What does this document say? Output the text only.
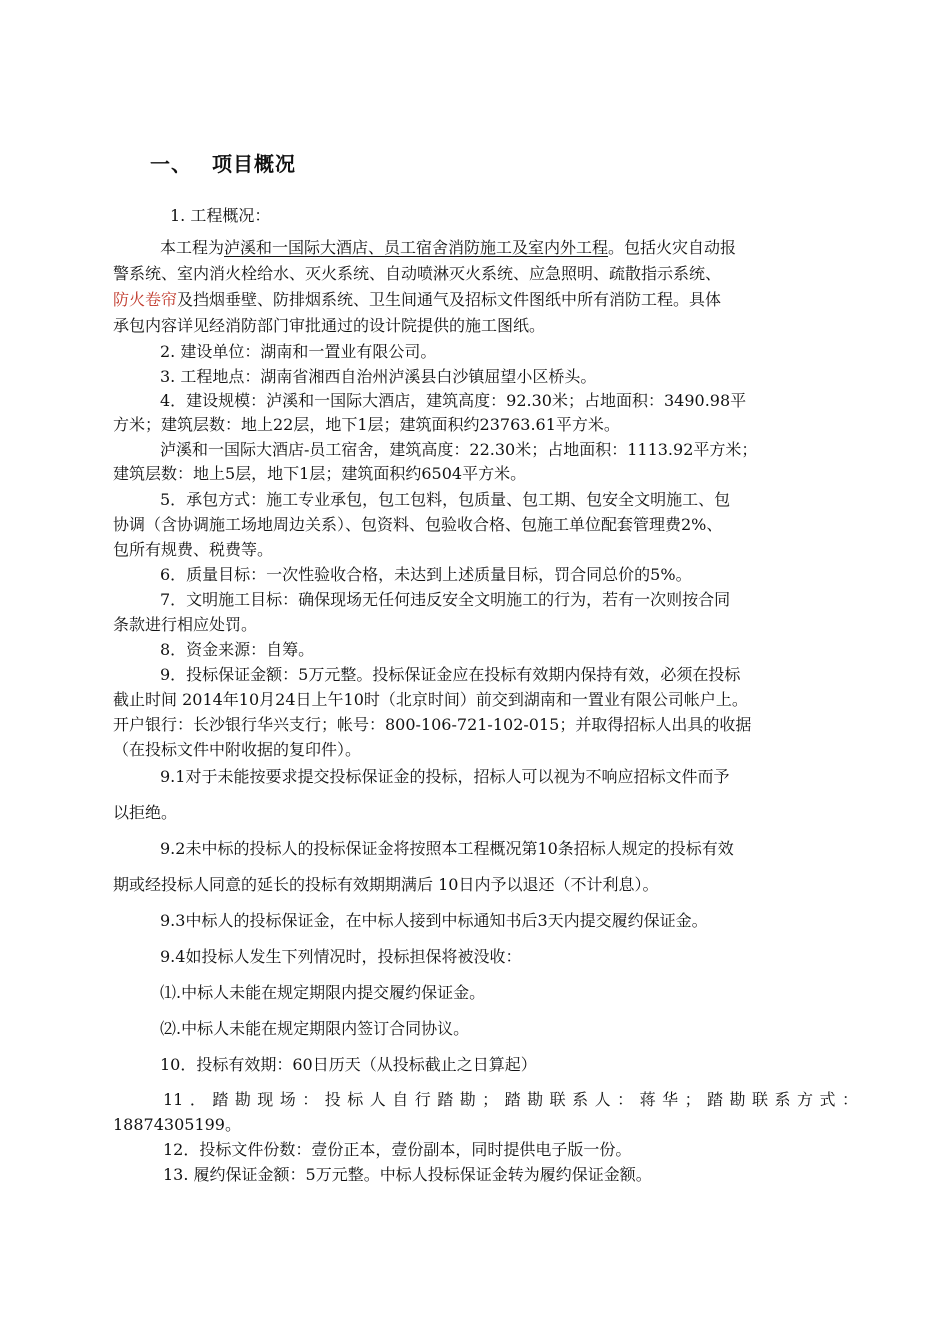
一、 项目概况
1. 工程概况：
本工程为泸溪和一国际大酒店、员工宿舍消防施工及室内外工程。包括火灾自动报
警系统、室内消火栓给水、灭火系统、自动喷淋灭火系统、应急照明、疏散指示系统、
防火卷帘及挡烟垂壁、防排烟系统、卫生间通气及招标文件图纸中所有消防工程。具体
承包内容详见经消防部门审批通过的设计院提供的施工图纸。
2. 建设单位：湖南和一置业有限公司。
3. 工程地点：湖南省湘西自治州泸溪县白沙镇屈望小区桥头。
4．建设规模：泸溪和一国际大酒店，建筑高度：92.30米；占地面积：3490.98平
方米；建筑层数：地上22层，地下1层；建筑面积约23763.61平方米。
泸溪和一国际大酒店-员工宿舍，建筑高度：22.30米；占地面积：1113.92平方米；
建筑层数：地上5层，地下1层；建筑面积约6504平方米。
5．承包方式：施工专业承包，包工包料，包质量、包工期、包安全文明施工、包
协调（含协调施工场地周边关系）、包资料、包验收合格、包施工单位配套管理费2%、
包所有规费、税费等。
6．质量目标：一次性验收合格，未达到上述质量目标，罚合同总价的5%。
7．文明施工目标：确保现场无任何违反安全文明施工的行为，若有一次则按合同
条款进行相应处罚。
8．资金来源：自筹。
9．投标保证金额：5万元整。投标保证金应在投标有效期内保持有效，必须在投标
截止时间 2014年10月24日上午10时（北京时间）前交到湖南和一置业有限公司帐户上。
开户银行：长沙银行华兴支行；帐号：800-106-721-102-015；并取得招标人出具的收据
（在投标文件中附收据的复印件）。
9.1对于未能按要求提交投标保证金的投标，招标人可以视为不响应招标文件而予
以拒绝。
9.2未中标的投标人的投标保证金将按照本工程概况第10条招标人规定的投标有效
期或经投标人同意的延长的投标有效期期满后 10日内予以退还（不计利息）。
9.3中标人的投标保证金，在中标人接到中标通知书后3天内提交履约保证金。
9.4如投标人发生下列情况时，投标担保将被没收：
⑴.中标人未能在规定期限内提交履约保证金。
⑵.中标人未能在规定期限内签订合同协议。
10．投标有效期：60日历天（从投标截止之日算起）
11．踏勘现场：投标人自行踏勘；踏勘联系人：蒋华；踏勘联系方式：
18874305199。
12．投标文件份数：壹份正本，壹份副本，同时提供电子版一份。
13. 履约保证金额：5万元整。中标人投标保证金转为履约保证金额。
